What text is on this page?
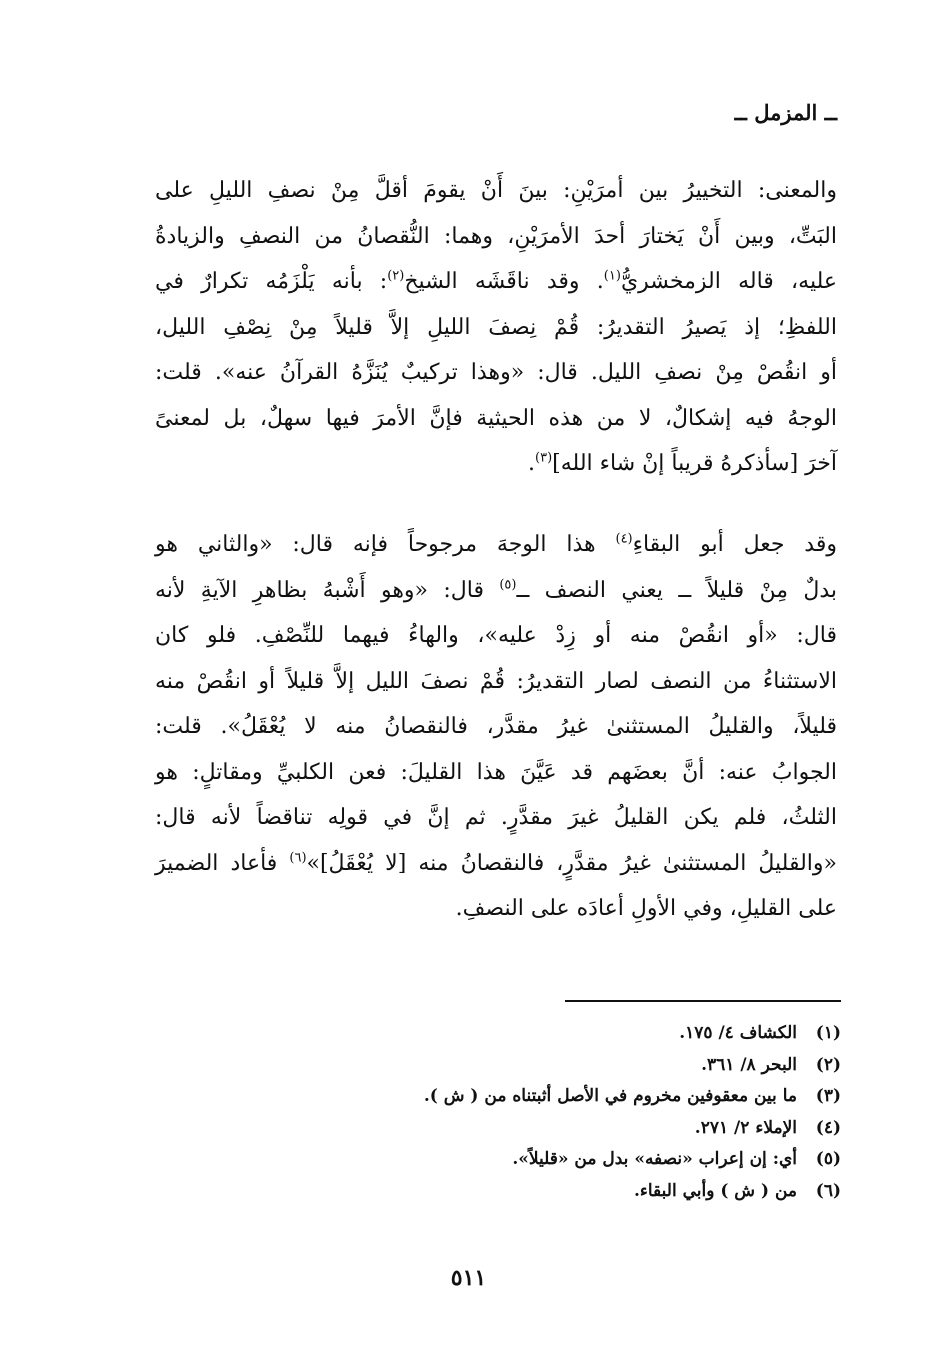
ــ المزمل ــ
والمعنى: التخييرُ بين أمرَيْنِ: بينَ أَنْ يقومَ أقلَّ مِنْ نصفِ الليلِ على
البَتِّ، وبين أَنْ يَختارَ أحدَ الأمرَيْنِ، وهما: النُّقصانُ من النصفِ والزيادةُ
عليه، قاله الزمخشريُّ$^{(١)}$. وقد ناقَشَه الشيخ$^{(٢)}$: بأنه يَلْزَمُه تكرارٌ في
اللفظِ؛ إذ يَصيرُ التقديرُ: قُمْ نِصفَ الليلِ إلاَّ قليلاً مِنْ نِصْفِ الليل،
أو انقُصْ مِنْ نصفِ الليل. قال: «وهذا تركيبٌ يُنَزَّهُ القرآنُ عنه». قلت:
الوجهُ فيه إشكالٌ، لا من هذه الحيثية فإنَّ الأمرَ فيها سهلٌ، بل لمعنىً
آخرَ [سأذكرهُ قريباً إنْ شاء الله]$^{(٣)}$.
وقد جعل أبو البقاءِ$^{(٤)}$ هذا الوجهَ مرجوحاً فإنه قال: «والثاني هو
بدلٌ مِنْ قليلاً ــ يعني النصف ــ$^{(٥)}$ قال: «وهو أَشْبهُ بظاهرِ الآيةِ لأنه
قال: «أو انقُصْ منه أو زِدْ عليه»، والهاءُ فيهما للنِّصْفِ. فلو كان
الاستثناءُ من النصف لصار التقديرُ: قُمْ نصفَ الليل إلاَّ قليلاً أو انقُصْ منه
قليلاً، والقليلُ المستثنىٰ غيرُ مقدَّر، فالنقصانُ منه لا يُعْقَلُ». قلت:
الجوابُ عنه: أنَّ بعضَهم قد عَيَّنَ هذا القليلَ: فعن الكلبيِّ ومقاتلٍ: هو
الثلثُ، فلم يكن القليلُ غيرَ مقدَّرٍ. ثم إنَّ في قولِه تناقضاً لأنه قال:
«والقليلُ المستثنىٰ غيرُ مقدَّرٍ، فالنقصانُ منه [لا يُعْقَلُ]»$^{(٦)}$ فأعاد الضميرَ
على القليلِ، وفي الأولِ أعادَه على النصفِ.
(١)
الكشاف ٤/ ١٧٥.
(٢)
البحر ٨/ ٣٦١.
(٣)
ما بين معقوفين مخروم في الأصل أثبتناه من ( ش ).
(٤)
الإملاء ٢/ ٢٧١.
(٥)
أي: إن إعراب «نصفه» بدل من «قليلاً».
(٦)
من ( ش ) وأبي البقاء.
٥١١
